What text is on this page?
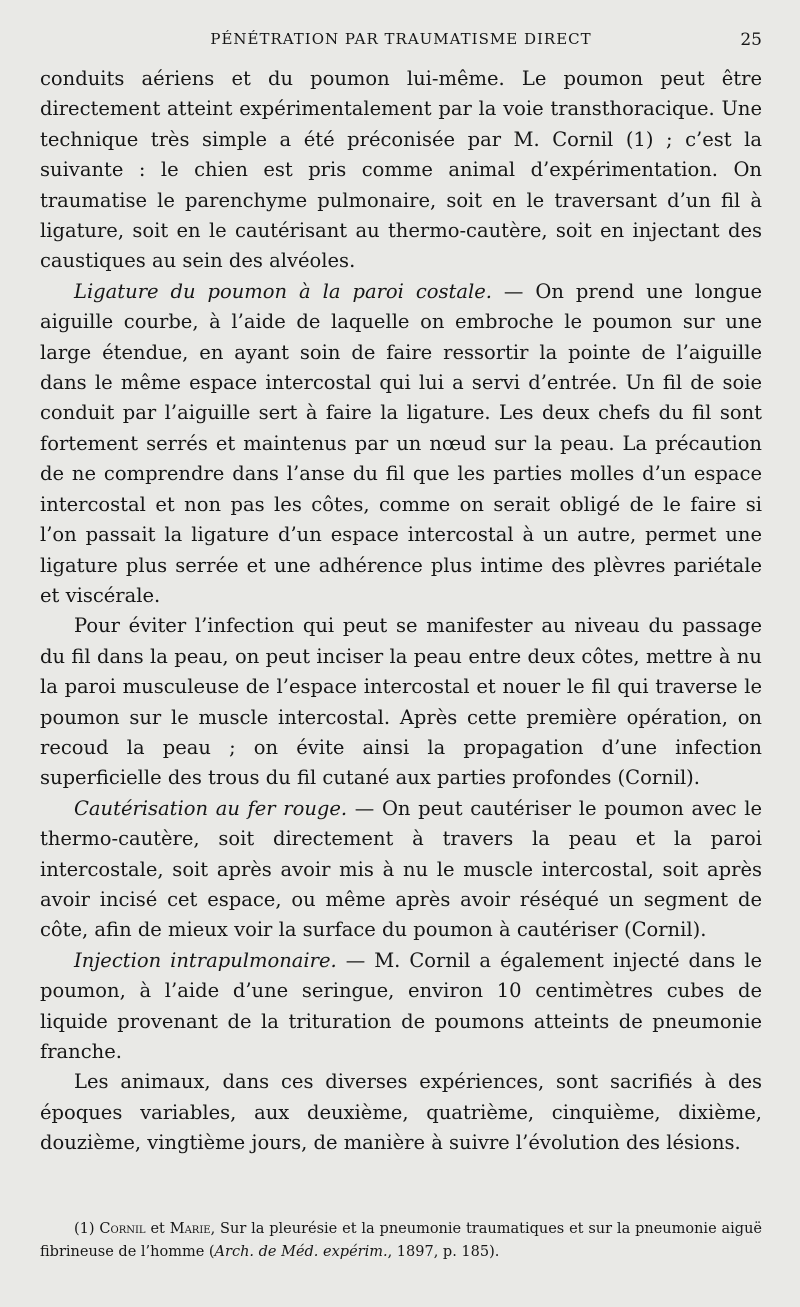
PÉNÉTRATION PAR TRAUMATISME DIRECT	25

conduits aériens et du poumon lui-même. Le poumon peut être directement atteint expérimentalement par la voie transthoracique. Une technique très simple a été préconisée par M. Cornil (1) ; c’est la suivante : le chien est pris comme animal d’expérimentation. On traumatise le parenchyme pulmonaire, soit en le traversant d’un fil à ligature, soit en le cautérisant au thermo-cautère, soit en injectant des caustiques au sein des alvéoles.

Ligature du poumon à la paroi costale. — On prend une longue aiguille courbe, à l’aide de laquelle on embroche le poumon sur une large étendue, en ayant soin de faire ressortir la pointe de l’aiguille dans le même espace intercostal qui lui a servi d’entrée. Un fil de soie conduit par l’aiguille sert à faire la ligature. Les deux chefs du fil sont fortement serrés et maintenus par un nœud sur la peau. La précaution de ne comprendre dans l’anse du fil que les parties molles d’un espace intercostal et non pas les côtes, comme on serait obligé de le faire si l’on passait la ligature d’un espace intercostal à un autre, permet une ligature plus serrée et une adhérence plus intime des plèvres pariétale et viscérale.

Pour éviter l’infection qui peut se manifester au niveau du passage du fil dans la peau, on peut inciser la peau entre deux côtes, mettre à nu la paroi musculeuse de l’espace intercostal et nouer le fil qui traverse le poumon sur le muscle intercostal. Après cette première opération, on recoud la peau ; on évite ainsi la propagation d’une infection superficielle des trous du fil cutané aux parties profondes (Cornil).

Cautérisation au fer rouge. — On peut cautériser le poumon avec le thermo-cautère, soit directement à travers la peau et la paroi intercostale, soit après avoir mis à nu le muscle intercostal, soit après avoir incisé cet espace, ou même après avoir réséqué un segment de côte, afin de mieux voir la surface du poumon à cautériser (Cornil).

Injection intrapulmonaire. — M. Cornil a également injecté dans le poumon, à l’aide d’une seringue, environ 10 centimètres cubes de liquide provenant de la trituration de poumons atteints de pneumonie franche.

Les animaux, dans ces diverses expériences, sont sacrifiés à des époques variables, aux deuxième, quatrième, cinquième, dixième, douzième, vingtième jours, de manière à suivre l’évolution des lésions.

(1) Cornil et Marie, Sur la pleurésie et la pneumonie traumatiques et sur la pneumonie aiguë fibrineuse de l’homme (Arch. de Méd. expérim., 1897, p. 185).
